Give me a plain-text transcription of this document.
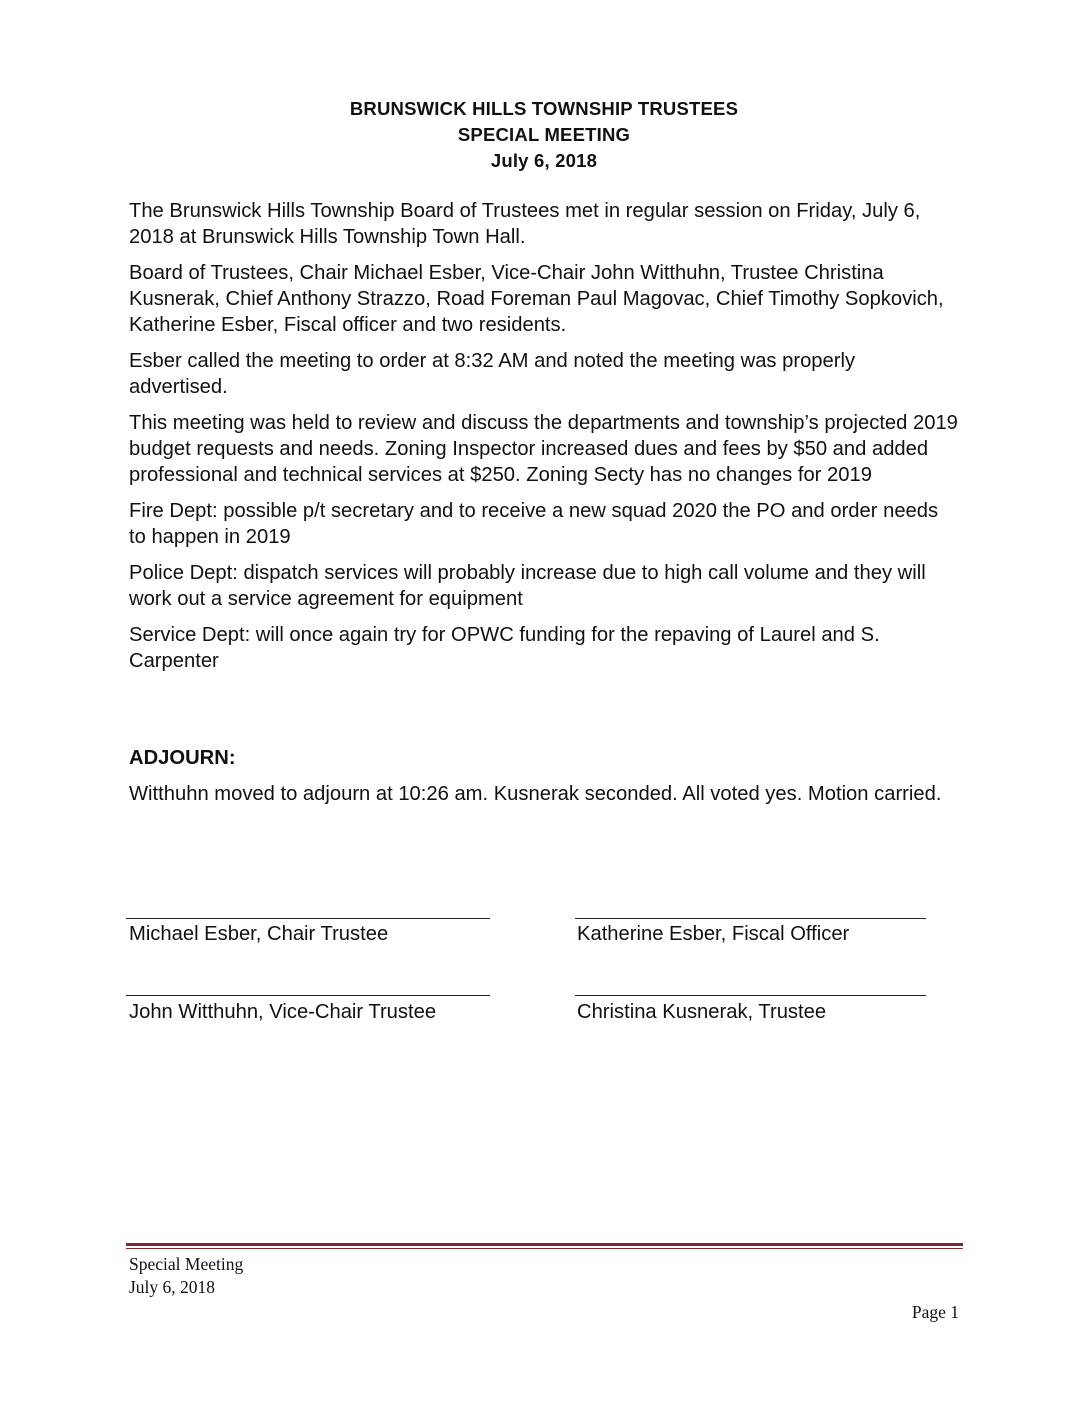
BRUNSWICK HILLS TOWNSHIP TRUSTEES
SPECIAL MEETING
July 6, 2018

The Brunswick Hills Township Board of Trustees met in regular session on Friday, July 6, 2018 at Brunswick Hills Township Town Hall.

Board of Trustees, Chair Michael Esber, Vice-Chair John Witthuhn, Trustee Christina Kusnerak, Chief Anthony Strazzo, Road Foreman Paul Magovac, Chief Timothy Sopkovich, Katherine Esber, Fiscal officer and two residents.

Esber called the meeting to order at 8:32 AM and noted the meeting was properly advertised.

This meeting was held to review and discuss the departments and township’s projected 2019 budget requests and needs. Zoning Inspector increased dues and fees by $50 and added professional and technical services at $250. Zoning Secty has no changes for 2019

Fire Dept: possible p/t secretary and to receive a new squad 2020 the PO and order needs to happen in 2019

Police Dept: dispatch services will probably increase due to high call volume and they will work out a service agreement for equipment

Service Dept: will once again try for OPWC funding for the repaving of Laurel and S. Carpenter

ADJOURN:

Witthuhn moved to adjourn at 10:26 am. Kusnerak seconded. All voted yes. Motion carried.

Michael Esber, Chair Trustee	Katherine Esber, Fiscal Officer
John Witthuhn, Vice-Chair Trustee	Christina Kusnerak, Trustee
Special Meeting
July 6, 2018
Page 1
